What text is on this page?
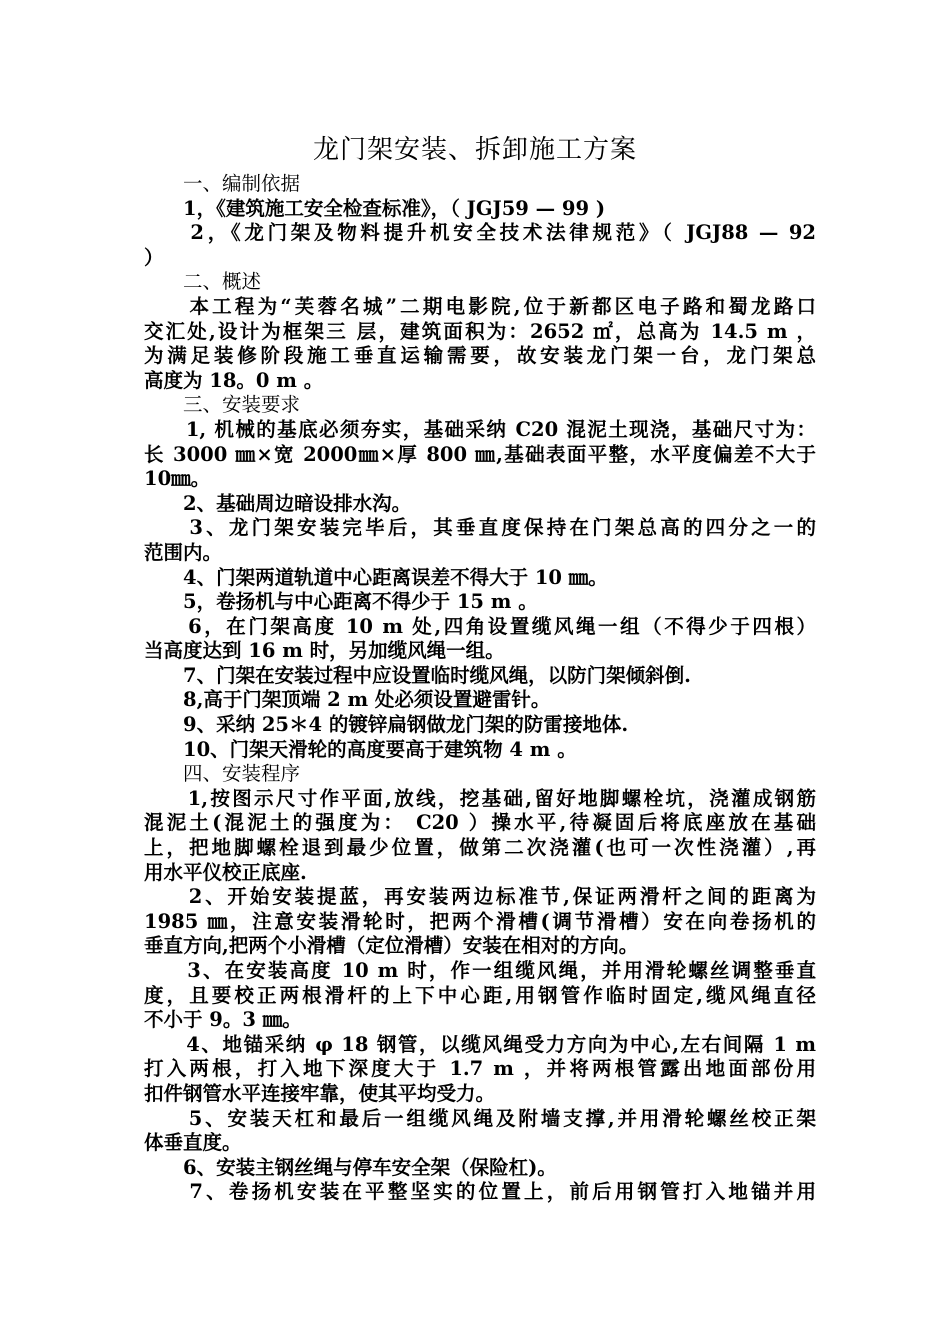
龙门架安装、拆卸施工方案
　　一、编制依据
　　1，《建筑施工安全检查标准》，（ JGJ59 — 99 )
　　2，《龙门架及物料提升机安全技术法律规范》（ JGJ88 — 92
）
　　二、概述
　　本工程为“芙蓉名城”二期电影院,位于新都区电子路和蜀龙路口
交汇处,设计为框架三 层，建筑面积为：2652 ㎡，总高为 14.5 m ，
为满足装修阶段施工垂直运输需要，故安装龙门架一台，龙门架总
高度为 18。0 m 。
　　三、安装要求
　　1, 机械的基底必须夯实，基础采纳 C20 混泥土现浇，基础尺寸为：
长 3000 ㎜×宽 2000㎜×厚 800 ㎜,基础表面平整，水平度偏差不大于
10㎜。
　　2、基础周边暗设排水沟。
　　3、龙门架安装完毕后，其垂直度保持在门架总高的四分之一的
范围内。
　　4、门架两道轨道中心距离误差不得大于 10 ㎜。
　　5，卷扬机与中心距离不得少于 15 m 。
　　6，在门架高度 10 m 处,四角设置缆风绳一组（不得少于四根）
当高度达到 16 m 时，另加缆风绳一组。
　　7、门架在安装过程中应设置临时缆风绳，以防门架倾斜倒.
　　8,高于门架顶端 2 m 处必须设置避雷针。
　　9、采纳 25＊4 的镀锌扁钢做龙门架的防雷接地体.
　　10、门架天滑轮的高度要高于建筑物 4 m 。
　　四、安装程序
　　1,按图示尺寸作平面,放线，挖基础,留好地脚螺栓坑，浇灌成钢筋
混泥土(混泥土的强度为： C20 ）操水平,待凝固后将底座放在基础
上，把地脚螺栓退到最少位置，做第二次浇灌(也可一次性浇灌）,再
用水平仪校正底座.
　　2、开始安装提蓝，再安装两边标准节,保证两滑杆之间的距离为
1985 ㎜，注意安装滑轮时，把两个滑槽(调节滑槽）安在向卷扬机的
垂直方向,把两个小滑槽（定位滑槽）安装在相对的方向。
　　3、在安装高度 10 m 时，作一组缆风绳，并用滑轮螺丝调整垂直
度，且要校正两根滑杆的上下中心距,用钢管作临时固定,缆风绳直径
不小于 9。3 ㎜。
　　4、地锚采纳 φ 18 钢管，以缆风绳受力方向为中心,左右间隔 1 m
打入两根，打入地下深度大于 1.7 m ，并将两根管露出地面部份用
扣件钢管水平连接牢靠，使其平均受力。
　　5、安装天杠和最后一组缆风绳及附墙支撑,并用滑轮螺丝校正架
体垂直度。
　　6、安装主钢丝绳与停车安全架（保险杠)。
　　7、卷扬机安装在平整坚实的位置上，前后用钢管打入地锚并用
